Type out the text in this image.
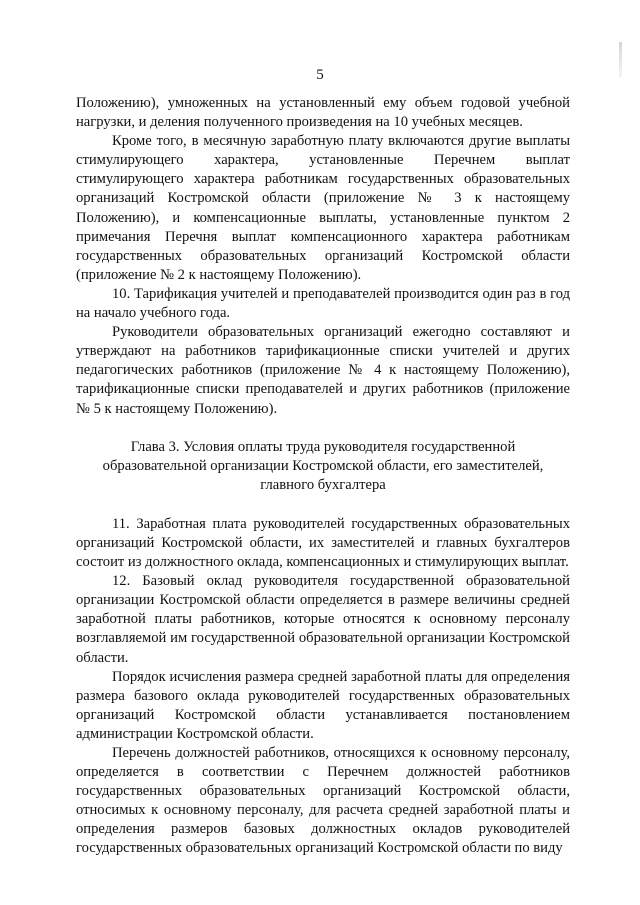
5

Положению), умноженных на установленный ему объем годовой учебной нагрузки, и деления полученного произведения на 10 учебных месяцев.

Кроме того, в месячную заработную плату включаются другие выплаты стимулирующего характера, установленные Перечнем выплат стимулирующего характера работникам государственных образовательных организаций Костромской области (приложение № 3 к настоящему Положению), и компенсационные выплаты, установленные пунктом 2 примечания Перечня выплат компенсационного характера работникам государственных образовательных организаций Костромской области (приложение № 2 к настоящему Положению).

10. Тарификация учителей и преподавателей производится один раз в год на начало учебного года.

Руководители образовательных организаций ежегодно составляют и утверждают на работников тарификационные списки учителей и других педагогических работников (приложение № 4 к настоящему Положению), тарификационные списки преподавателей и других работников (приложение № 5 к настоящему Положению).

Глава 3. Условия оплаты труда руководителя государственной образовательной организации Костромской области, его заместителей, главного бухгалтера

11. Заработная плата руководителей государственных образовательных организаций Костромской области, их заместителей и главных бухгалтеров состоит из должностного оклада, компенсационных и стимулирующих выплат.

12. Базовый оклад руководителя государственной образовательной организации Костромской области определяется в размере величины средней заработной платы работников, которые относятся к основному персоналу возглавляемой им государственной образовательной организации Костромской области.

Порядок исчисления размера средней заработной платы для определения размера базового оклада руководителей государственных образовательных организаций Костромской области устанавливается постановлением администрации Костромской области.

Перечень должностей работников, относящихся к основному персоналу, определяется в соответствии с Перечнем должностей работников государственных образовательных организаций Костромской области, относимых к основному персоналу, для расчета средней заработной платы и определения размеров базовых должностных окладов руководителей государственных образовательных организаций Костромской области по виду
